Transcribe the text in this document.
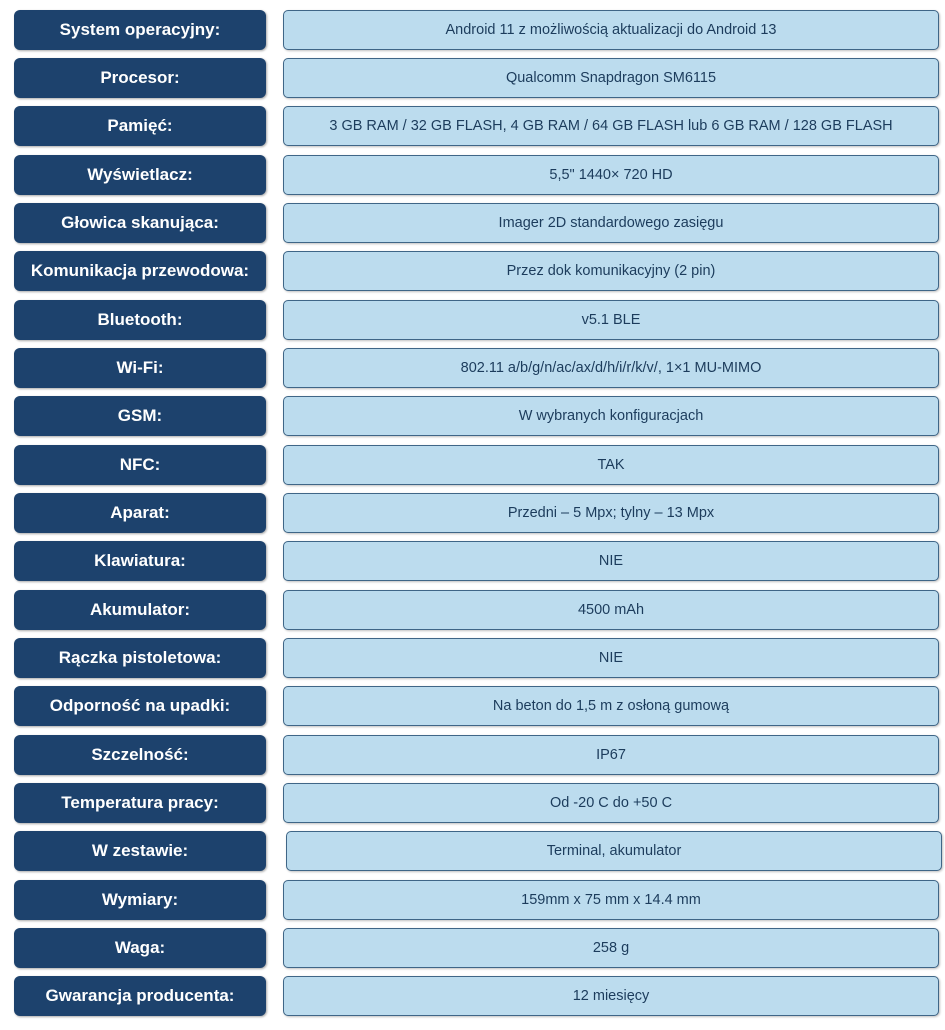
System operacyjny:	Android 11 z możliwością aktualizacji do Android 13
Procesor:	Qualcomm Snapdragon SM6115
Pamięć:	3 GB RAM / 32 GB FLASH, 4 GB RAM / 64 GB FLASH lub 6 GB RAM / 128 GB FLASH
Wyświetlacz:	5,5" 1440× 720 HD
Głowica skanująca:	Imager 2D standardowego zasięgu
Komunikacja przewodowa:	Przez dok komunikacyjny (2 pin)
Bluetooth:	v5.1 BLE
Wi-Fi:	802.11 a/b/g/n/ac/ax/d/h/i/r/k/v/, 1×1 MU-MIMO
GSM:	W wybranych konfiguracjach
NFC:	TAK
Aparat:	Przedni – 5 Mpx; tylny – 13 Mpx
Klawiatura:	NIE
Akumulator:	4500 mAh
Rączka pistoletowa:	NIE
Odporność na upadki:	Na beton do 1,5 m z osłoną gumową
Szczelność:	IP67
Temperatura pracy:	Od -20 C do +50 C
W zestawie:	Terminal, akumulator
Wymiary:	159mm x 75 mm x 14.4 mm
Waga:	258 g
Gwarancja producenta:	12 miesięcy
